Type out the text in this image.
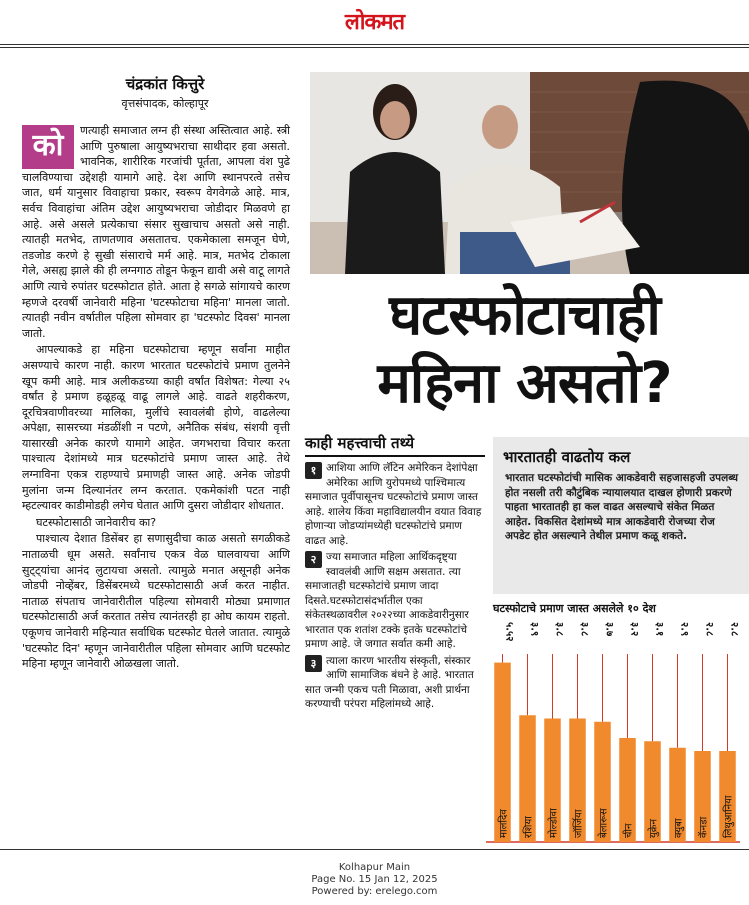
लोकमत
चंद्रकांत कित्तुरे
वृत्तसंपादक, कोल्हापूर

को	णत्याही समाजात लग्न ही संस्था अस्तित्वात आहे. स्त्री आणि पुरुषाला आयुष्यभराचा साथीदार हवा असतो. भावनिक, शारीरिक गरजांची पूर्तता, आपला वंश पुढे चालविण्याचा उद्देशही यामागे आहे. देश आणि स्थानपरत्वे तसेच जात, धर्म यानुसार विवाहाचा प्रकार, स्वरूप वेगवेगळे आहे. मात्र, सर्वच विवाहांचा अंतिम उद्देश आयुष्यभराचा जोडीदार मिळवणे हा आहे. असे असले प्रत्येकाचा संसार सुखाचाच असतो असे नाही. त्यातही मतभेद, ताणतणाव असतातच. एकमेकाला समजून घेणे, तडजोड करणे हे सुखी संसाराचे मर्म आहे. मात्र, मतभेद टोकाला गेले, असह्य झाले की ही लग्नगाठ तोडून फेकून द्यावी असे वाटू लागते आणि त्याचे रुपांतर घटस्फोटात होते. आता हे सगळे सांगायचे कारण म्हणजे दरवर्षी जानेवारी महिना 'घटस्फोटाचा महिना' मानला जातो. त्यातही नवीन वर्षातील पहिला सोमवार हा 'घटस्फोट दिवस' मानला जातो.

आपल्याकडे हा महिना घटस्फोटाचा म्हणून सर्वांना माहीत असण्याचे कारण नाही. कारण भारतात घटस्फोटांचे प्रमाण तुलनेने खूप कमी आहे. मात्र अलीकडच्या काही वर्षांत विशेषत: गेल्या २५ वर्षांत हे प्रमाण हळूहळू वाढू लागले आहे. वाढते शहरीकरण, दूरचित्रवाणीवरच्या मालिका, मुलींचे स्वावलंबी होणे, वाढलेल्या अपेक्षा, सासरच्या मंडळींशी न पटणे, अनैतिक संबंध, संशयी वृत्ती यासारखी अनेक कारणे यामागे आहेत. जगभराचा विचार करता पाश्चात्य देशांमध्ये मात्र घटस्फोटांचे प्रमाण जास्त आहे. तेथे लग्नाविना एकत्र राहण्याचे प्रमाणही जास्त आहे. अनेक जोडपी मुलांना जन्म दिल्यानंतर लग्न करतात. एकमेकांशी पटत नाही म्हटल्यावर काडीमोडही लगेच घेतात आणि दुसरा जोडीदार शोधतात.

घटस्फोटासाठी जानेवारीच का?

पाश्चात्य देशात डिसेंबर हा सणासुदीचा काळ असतो सगळीकडे नाताळची धूम असते. सर्वांनाच एकत्र वेळ घालवायचा आणि सुट्ट्यांचा आनंद लुटायचा असतो. त्यामुळे मनात असूनही अनेक जोडपी नोव्हेंबर, डिसेंबरमध्ये घटस्फोटासाठी अर्ज करत नाहीत. नाताळ संपताच जानेवारीतील पहिल्या सोमवारी मोठ्या प्रमाणात घटस्फोटासाठी अर्ज करतात तसेच त्यानंतरही हा ओघ कायम राहतो. एकूणच जानेवारी महिन्यात सर्वाधिक घटस्फोट घेतले जातात. त्यामुळे 'घटस्फोट दिन' म्हणून जानेवारीतील पहिला सोमवार आणि घटस्फोट महिना म्हणून जानेवारी ओळखला जातो.

घटस्फोटाचाही
महिना असतो?
काही महत्त्वाची तथ्ये
१ आशिया आणि लॅटिन अमेरिकन देशांपेक्षा अमेरिका आणि युरोपमध्ये पाश्चिमात्य समाजात पूर्वीपासूनच घटस्फोटांचे प्रमाण जास्त आहे. शालेय किंवा महाविद्यालयीन वयात विवाह होणाऱ्या जोडप्यांमध्येही घटस्फोटांचे प्रमाण वाढत आहे.
२ ज्या समाजात महिला आर्थिकदृष्ट्या स्वावलंबी आणि सक्षम असतात. त्या समाजातही घटस्फोटांचे प्रमाण जादा दिसते.घटस्फोटासंदर्भातील एका संकेतस्थळावरील २०२२च्या आकडेवारीनुसार भारतात एक शतांश टक्के इतके घटस्फोटांचे प्रमाण आहे. जे जगात सर्वात कमी आहे.
३ त्याला कारण भारतीय संस्कृती, संस्कार आणि सामाजिक बंधने हे आहे. भारतात सात जन्मी एकच पती मिळावा, अशी प्रार्थना करण्याची परंपरा महिलांमध्ये आहे.
भारतातही वाढतोय कल

भारतात घटस्फोटांची मासिक आकडेवारी सहजासहजी उपलब्ध होत नसली तरी कौटुंबिक न्यायालयात दाखल होणारी प्रकरणे पाहता भारतातही हा कल वाढत असल्याचे संकेत मिळत आहेत. विकसित देशांमध्ये मात्र आकडेवारी रोजच्या रोज अपडेट होत असल्याने तेथील प्रमाण कळू शकते.

घटस्फोटाचे प्रमाण जास्त असलेले १० देश
५.५२
मालदिव
३.९
रशिया
३.८
मोल्डोवा
३.८
जॉर्जिया
३.७
बेलारूस
३.२
चीन
३.१
युक्रेन
२.९
क्युबा
२.८
कॅनडा
२.८
लिथुआनिया
Kolhapur Main
Page No. 15 Jan 12, 2025
Powered by: erelego.com
